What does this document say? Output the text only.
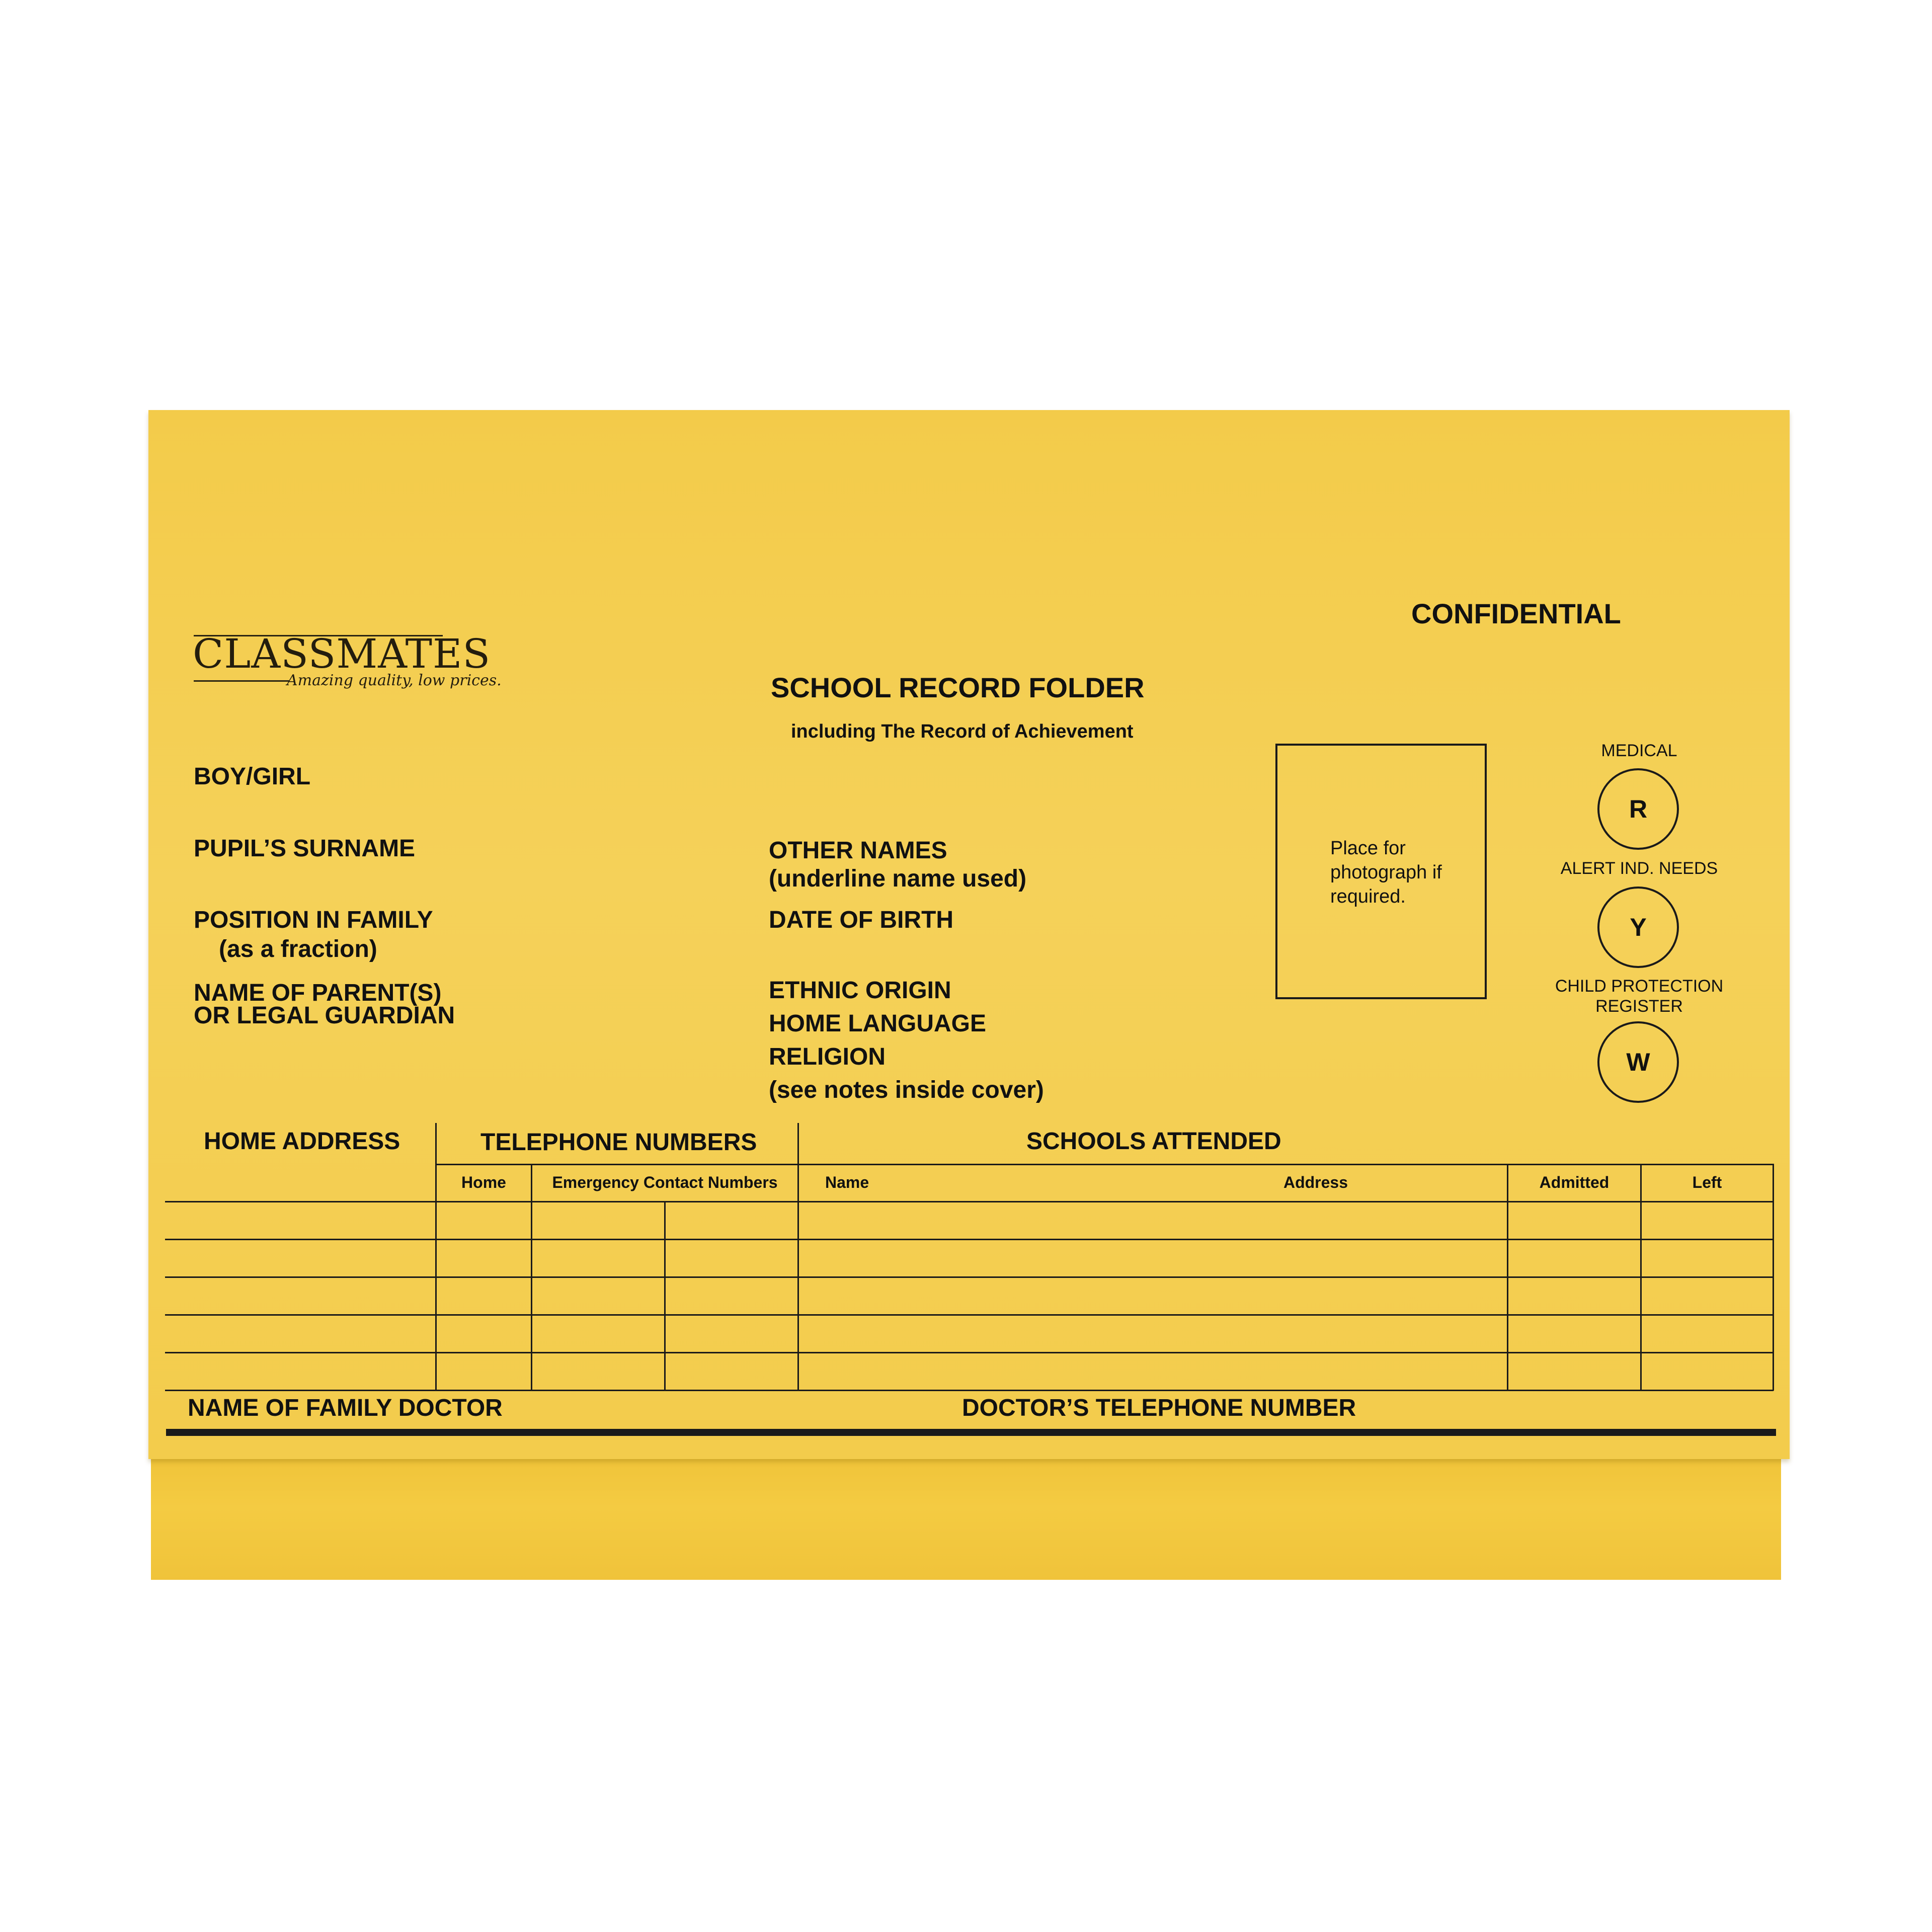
CLASSMATES
Amazing quality, low prices.
CONFIDENTIAL
SCHOOL RECORD FOLDER
including The Record of Achievement
BOY/GIRL
PUPIL’S SURNAME
POSITION IN FAMILY
(as a fraction)
NAME OF PARENT(S)
OR LEGAL GUARDIAN
OTHER NAMES
(underline name used)
DATE OF BIRTH
ETHNIC ORIGIN
HOME LANGUAGE
RELIGION
(see notes inside cover)
Place for photograph if required.
MEDICAL
R
ALERT IND. NEEDS
Y
CHILD PROTECTION
REGISTER
W
HOME ADDRESS	TELEPHONE NUMBERS	SCHOOLS ATTENDED
Home	Emergency Contact Numbers	Name	Address	Admitted	Left
NAME OF FAMILY DOCTOR	DOCTOR’S TELEPHONE NUMBER
